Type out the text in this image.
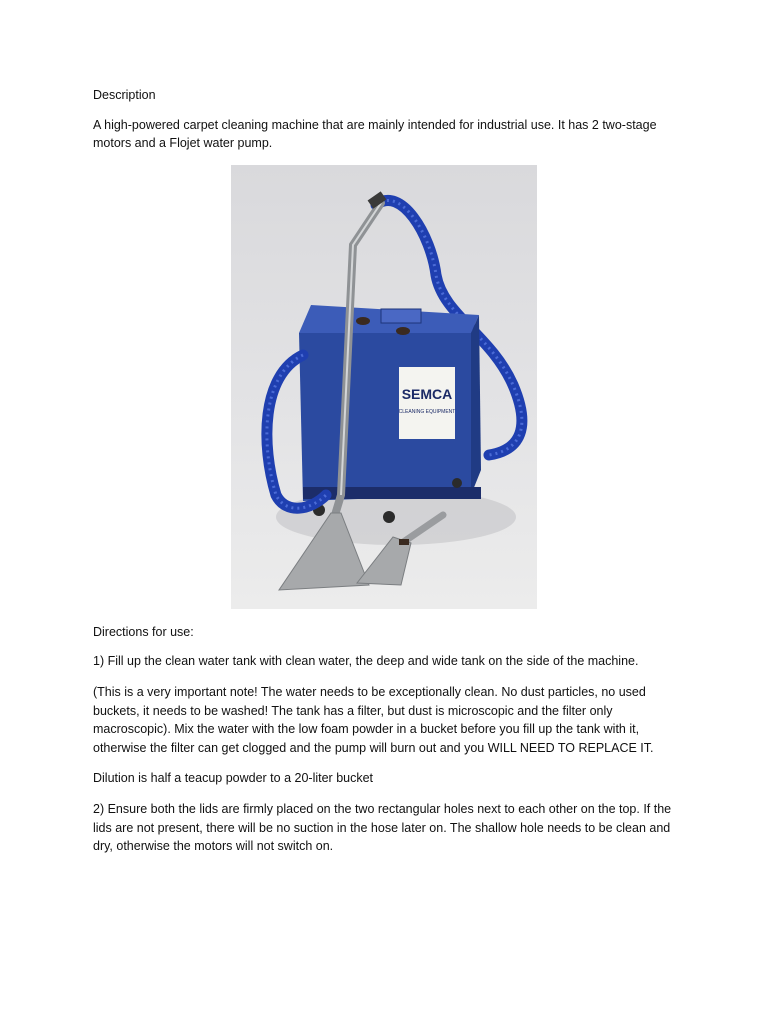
Description

A high-powered carpet cleaning machine that are mainly intended for industrial use. It has 2 two-stage motors and a Flojet water pump.

SEMCA
CLEANING EQUIPMENT

Directions for use:

1) Fill up the clean water tank with clean water, the deep and wide tank on the side of the machine.

(This is a very important note! The water needs to be exceptionally clean. No dust particles, no used buckets, it needs to be washed! The tank has a filter, but dust is microscopic and the filter only macroscopic). Mix the water with the low foam powder in a bucket before you fill up the tank with it, otherwise the filter can get clogged and the pump will burn out and you WILL NEED TO REPLACE IT.

Dilution is half a teacup powder to a 20-liter bucket

2) Ensure both the lids are firmly placed on the two rectangular holes next to each other on the top. If the lids are not present, there will be no suction in the hose later on. The shallow hole needs to be clean and dry, otherwise the motors will not switch on.
